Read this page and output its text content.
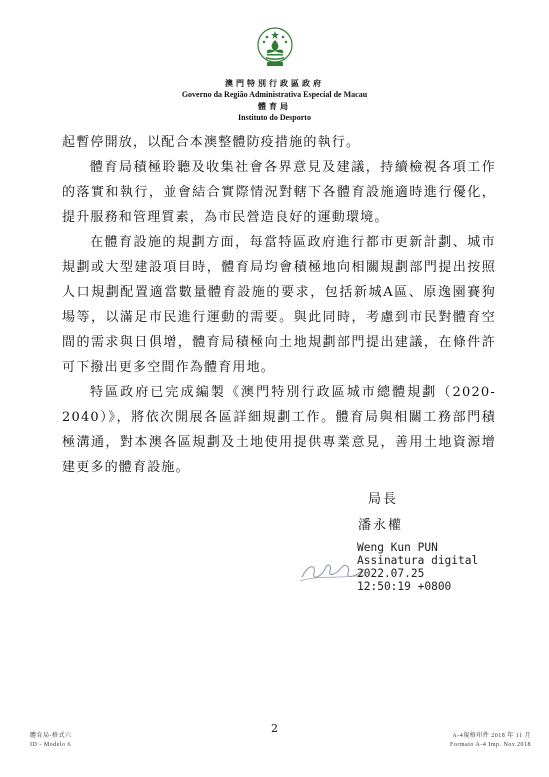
澳門特別行政區政府
Governo da Região Administrativa Especial de Macau
體育局
Instituto do Desporto

起暫停開放，以配合本澳整體防疫措施的執行。

體育局積極聆聽及收集社會各界意見及建議，持續檢視各項工作的落實和執行，並會結合實際情況對轄下各體育設施適時進行優化，提升服務和管理質素，為市民營造良好的運動環境。

在體育設施的規劃方面，每當特區政府進行都市更新計劃、城市規劃或大型建設項目時，體育局均會積極地向相關規劃部門提出按照人口規劃配置適當數量體育設施的要求，包括新城A區、原逸園賽狗場等，以滿足市民進行運動的需要。與此同時，考慮到市民對體育空間的需求與日俱增，體育局積極向土地規劃部門提出建議，在條件許可下撥出更多空間作為體育用地。

特區政府已完成編製《澳門特別行政區城市總體規劃（2020-2040）》，將依次開展各區詳細規劃工作。體育局與相關工務部門積極溝通，對本澳各區規劃及土地使用提供專業意見，善用土地資源增建更多的體育設施。

局長
潘永權
Weng Kun PUN
Assinatura digital
2022.07.25
12:50:19 +0800
2
體育局-格式六
ID - Modelo 6
A-4規格印件 2018 年 11 月
Formato A-4 Imp. Nov.2018
